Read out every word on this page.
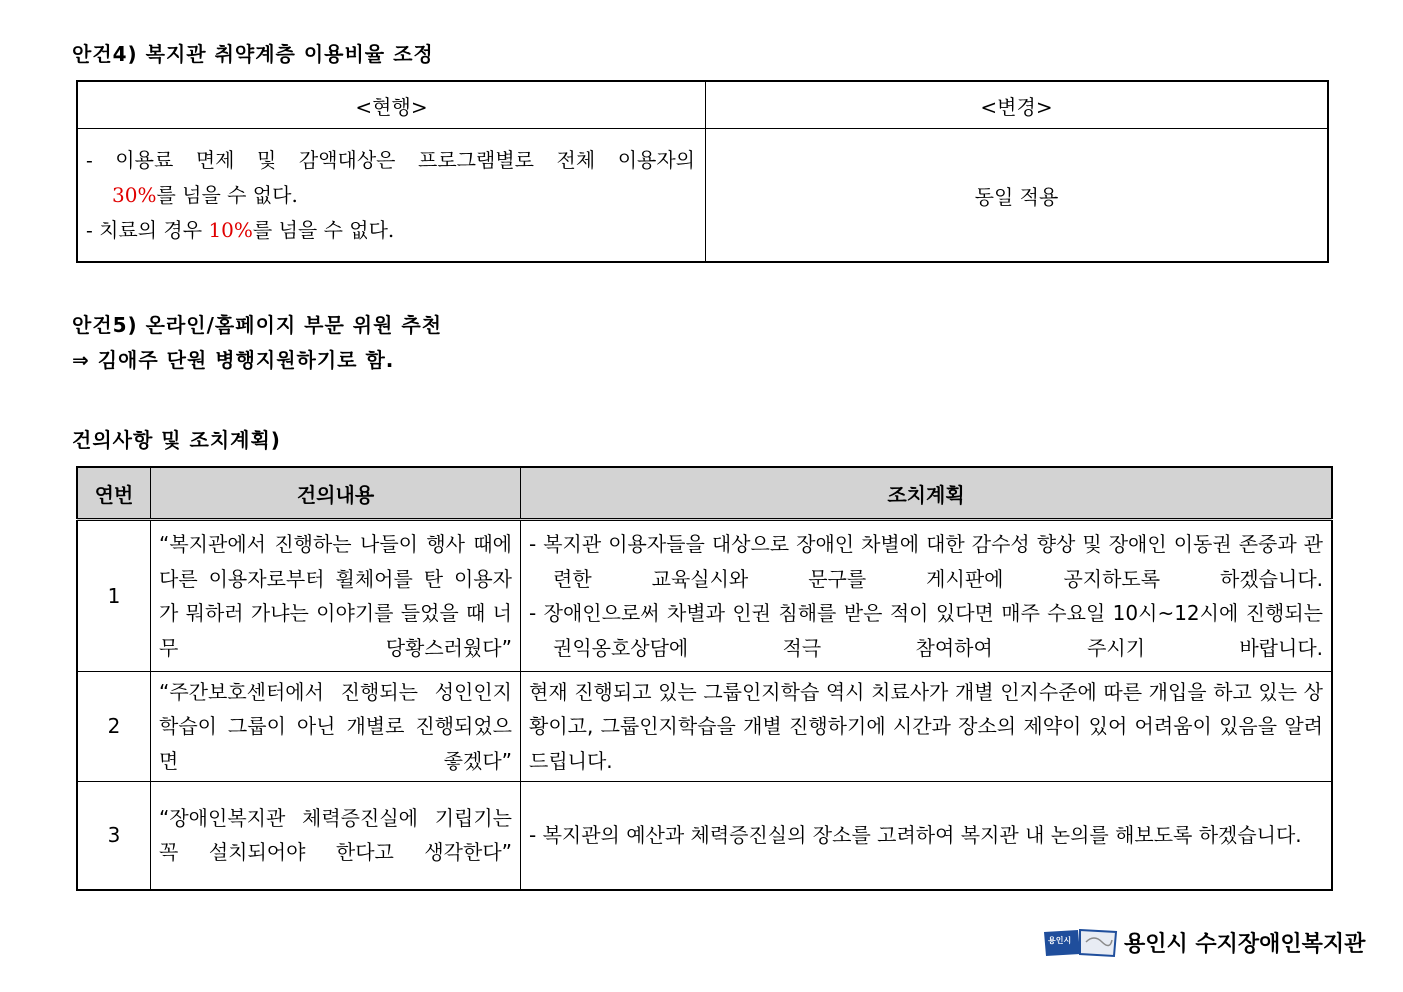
안건4) 복지관 취약계층 이용비율 조정
<현행>	<변경>

- 이용료 면제 및 감액대상은 프로그램별로 전체 이용자의
30%를 넘을 수 없다.
- 치료의 경우 10%를 넘을 수 없다.	동일 적용
안건5) 온라인/홈페이지 부문 위원 추천
⇒ 김애주 단원 병행지원하기로 함.
건의사항 및 조치계획)
연번	건의내용	조치계획
1	“복지관에서 진행하는 나들이 행사 때에 다른 이용자로부터 휠체어를 탄 이용자가 뭐하러 가냐는 이야기를 들었을 때 너무 당황스러웠다”	- 복지관 이용자들을 대상으로 장애인 차별에 대한 감수성 향상 및 장애인 이동권 존중과 관련한 교육실시와 문구를 게시판에 공지하도록 하겠습니다.
- 장애인으로써 차별과 인권 침해를 받은 적이 있다면 매주 수요일 10시~12시에 진행되는 권익옹호상담에 적극 참여하여 주시기 바랍니다.

2	“주간보호센터에서 진행되는 성인인지 학습이 그룹이 아닌 개별로 진행되었으면 좋겠다”	현재 진행되고 있는 그룹인지학습 역시 치료사가 개별 인지수준에 따른 개입을 하고 있는 상황이고, 그룹인지학습을 개별 진행하기에 시간과 장소의 제약이 있어 어려움이 있음을 알려드립니다.

3	“장애인복지관 체력증진실에 기립기는 꼭 설치되어야 한다고 생각한다”	- 복지관의 예산과 체력증진실의 장소를 고려하여 복지관 내 논의를 해보도록 하겠습니다.
용인시 용인시 수지장애인복지관
